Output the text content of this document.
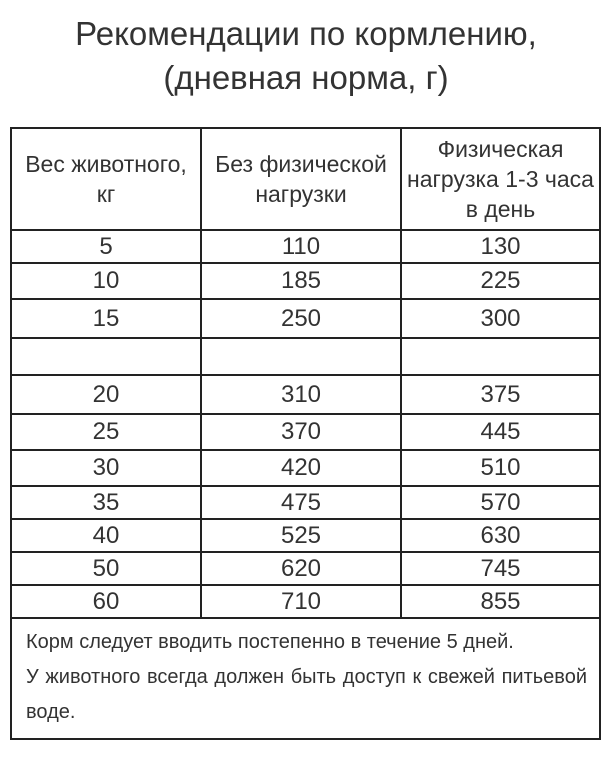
Рекомендации по кормлению,
(дневная норма, г)
Вес животного, кг	Без физической нагрузки	Физическая нагрузка 1-3 часа в день
5	110	130
10	185	225
15	250	300

20	310	375
25	370	445
30	420	510
35	475	570
40	525	630
50	620	745
60	710	855

Корм следует вводить постепенно в течение 5 дней.

У животного всегда должен быть доступ к свежей питьевой воде.		
